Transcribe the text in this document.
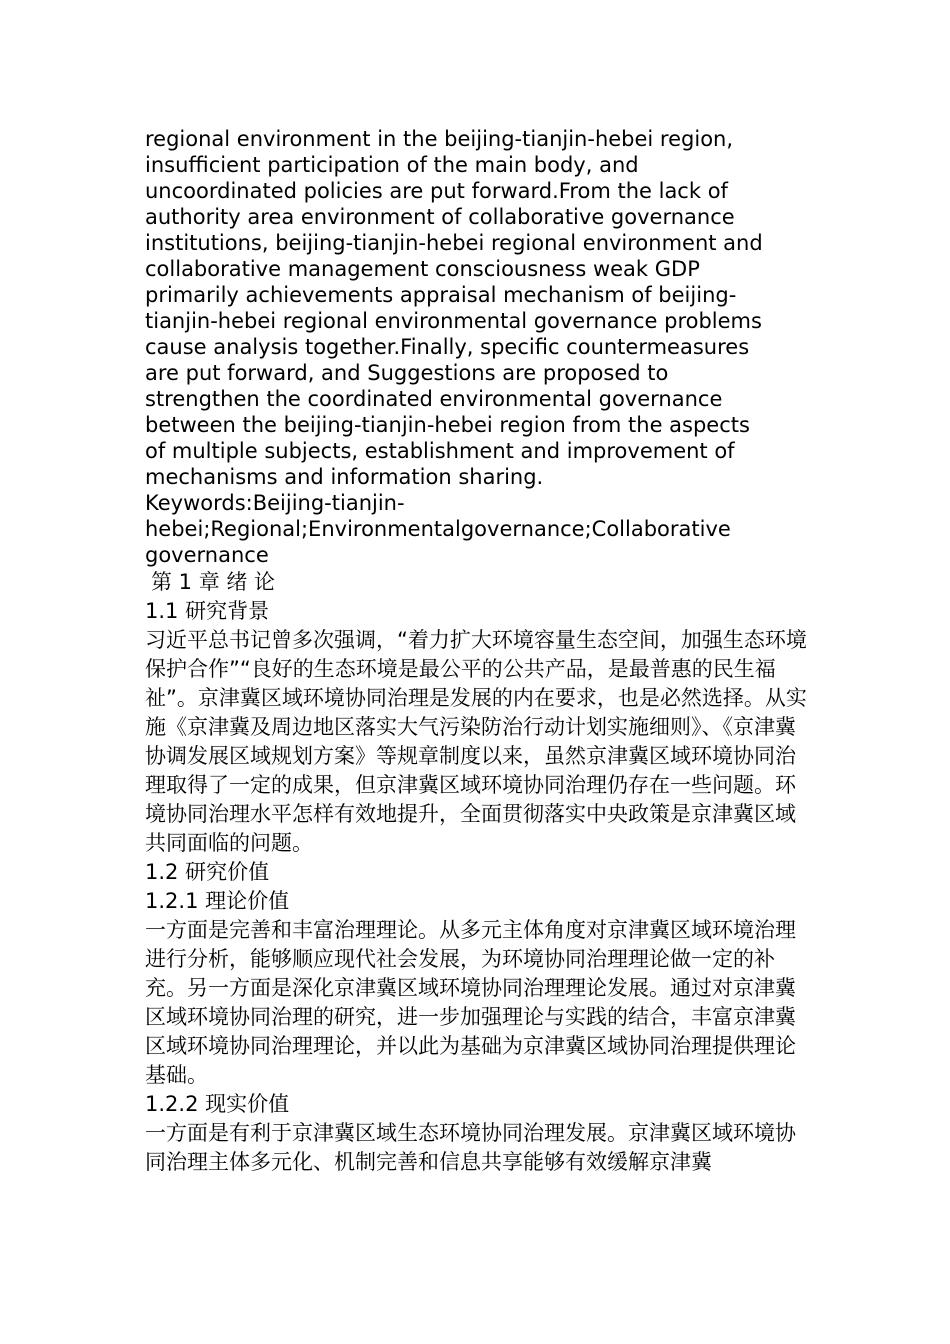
regional environment in the beijing-tianjin-hebei region,
insufficient participation of the main body, and
uncoordinated policies are put forward.From the lack of
authority area environment of collaborative governance
institutions, beijing-tianjin-hebei regional environment and
collaborative management consciousness weak GDP
primarily achievements appraisal mechanism of beijing-
tianjin-hebei regional environmental governance problems
cause analysis together.Finally, specific countermeasures
are put forward, and Suggestions are proposed to
strengthen the coordinated environmental governance
between the beijing-tianjin-hebei region from the aspects
of multiple subjects, establishment and improvement of
mechanisms and information sharing.

Keywords:Beijing-tianjin-
hebei;Regional;Environmentalgovernance;Collaborative
governance

第 1 章 绪 论

1.1 研究背景

习近平总书记曾多次强调，“着力扩大环境容量生态空间，加强生态环境保护合作”“良好的生态环境是最公平的公共产品，是最普惠的民生福祉”。京津冀区域环境协同治理是发展的内在要求，也是必然选择。从实施《京津冀及周边地区落实大气污染防治行动计划实施细则》、《京津冀协调发展区域规划方案》等规章制度以来，虽然京津冀区域环境协同治理取得了一定的成果，但京津冀区域环境协同治理仍存在一些问题。环境协同治理水平怎样有效地提升，全面贯彻落实中央政策是京津冀区域共同面临的问题。

1.2 研究价值

1.2.1 理论价值

一方面是完善和丰富治理理论。从多元主体角度对京津冀区域环境治理进行分析，能够顺应现代社会发展，为环境协同治理理论做一定的补充。另一方面是深化京津冀区域环境协同治理理论发展。通过对京津冀区域环境协同治理的研究，进一步加强理论与实践的结合，丰富京津冀区域环境协同治理理论，并以此为基础为京津冀区域协同治理提供理论基础。

1.2.2 现实价值

一方面是有利于京津冀区域生态环境协同治理发展。京津冀区域环境协同治理主体多元化、机制完善和信息共享能够有效缓解京津冀
